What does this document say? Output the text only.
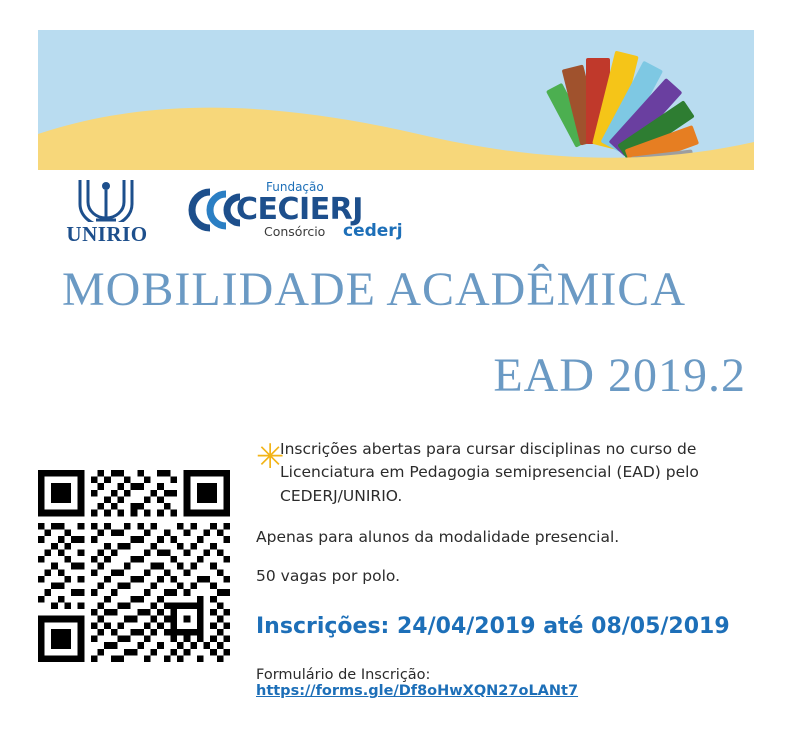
UNIRIO
Fundação
CECIERJ
Consórcio cederj
MOBILIDADE ACADÊMICA
EAD 2019.2
✳

Inscrições abertas para cursar disciplinas no curso de Licenciatura em Pedagogia semipresencial (EAD) pelo CEDERJ/UNIRIO.

Apenas para alunos da modalidade presencial.

50 vagas por polo.

Inscrições: 24/04/2019 até 08/05/2019
Formulário de Inscrição: https://forms.gle/Df8oHwXQN27oLANt7
